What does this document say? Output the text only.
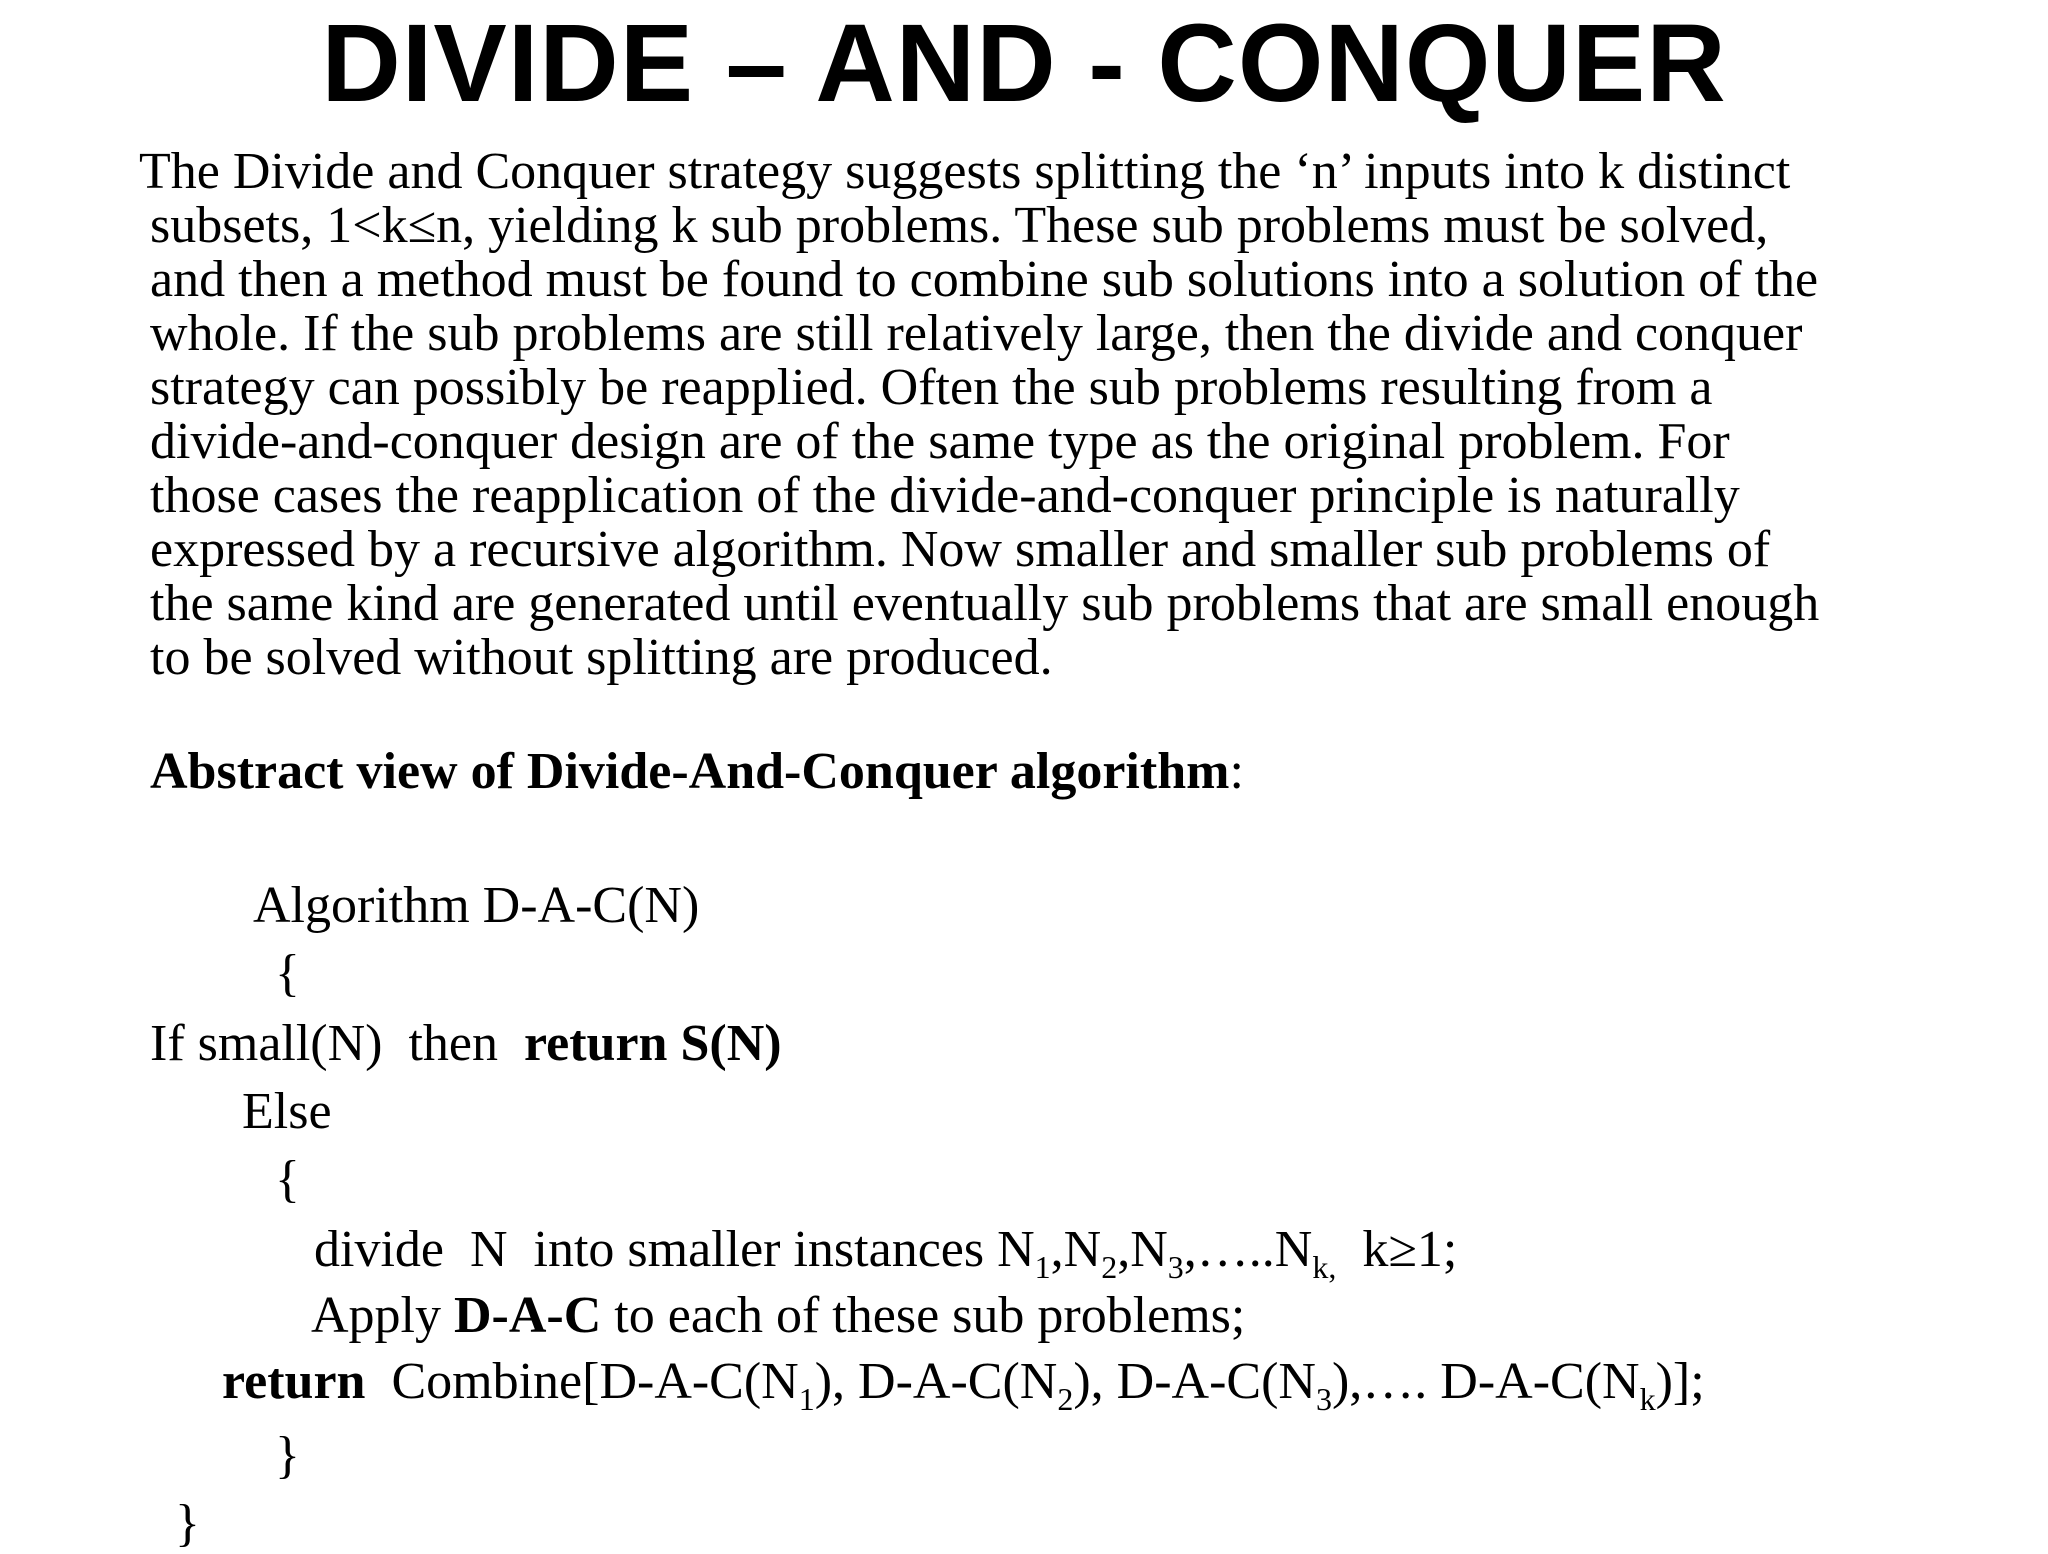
DIVIDE – AND - CONQUER
The Divide and Conquer strategy suggests splitting the ‘n’ inputs into k distinct
subsets, 1<k≤n, yielding k sub problems. These sub problems must be solved,
and then a method must be found to combine sub solutions into a solution of the
whole. If the sub problems are still relatively large, then the divide and conquer
strategy can possibly be reapplied. Often the sub problems resulting from a
divide-and-conquer design are of the same type as the original problem. For
those cases the reapplication of the divide-and-conquer principle is naturally
expressed by a recursive algorithm. Now smaller and smaller sub problems of
the same kind are generated until eventually sub problems that are small enough
to be solved without splitting are produced.
Abstract view of Divide-And-Conquer algorithm:
Algorithm D-A-C(N)
{
If small(N)  then  return S(N)
Else
{
divide  N  into smaller instances $N_1,N_2,N_3,\dots..N_{k,}$  k≥1;
Apply D-A-C to each of these sub problems;
return  $Combine[D-A-C(N_1)$, $D-A-C(N_2)$, $D-A-C(N_3),\dots$. $D-A-C(N_k)$];
}
}
